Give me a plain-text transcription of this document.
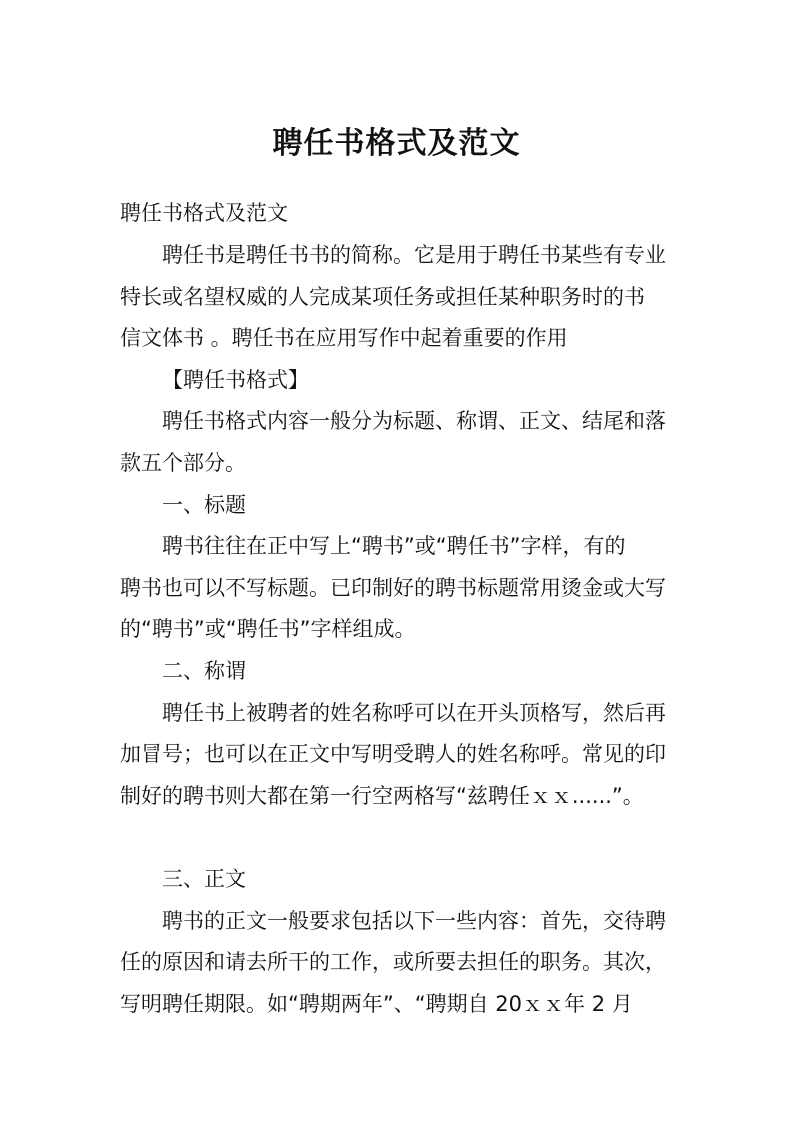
聘任书格式及范文
聘任书格式及范文
聘任书是聘任书书的简称。它是用于聘任书某些有专业
特长或名望权威的人完成某项任务或担任某种职务时的书
信文体书 。聘任书在应用写作中起着重要的作用
【聘任书格式】
聘任书格式内容一般分为标题、称谓、正文、结尾和落
款五个部分。
一、标题
聘书往往在正中写上“聘书”或“聘任书”字样，有的
聘书也可以不写标题。已印制好的聘书标题常用烫金或大写
的“聘书”或“聘任书”字样组成。
二、称谓
聘任书上被聘者的姓名称呼可以在开头顶格写，然后再
加冒号；也可以在正文中写明受聘人的姓名称呼。常见的印
制好的聘书则大都在第一行空两格写“兹聘任ｘｘ......”。
三、正文
聘书的正文一般要求包括以下一些内容：首先，交待聘
任的原因和请去所干的工作，或所要去担任的职务。其次，
写明聘任期限。如“聘期两年”、“聘期自 20ｘｘ年 2 月
